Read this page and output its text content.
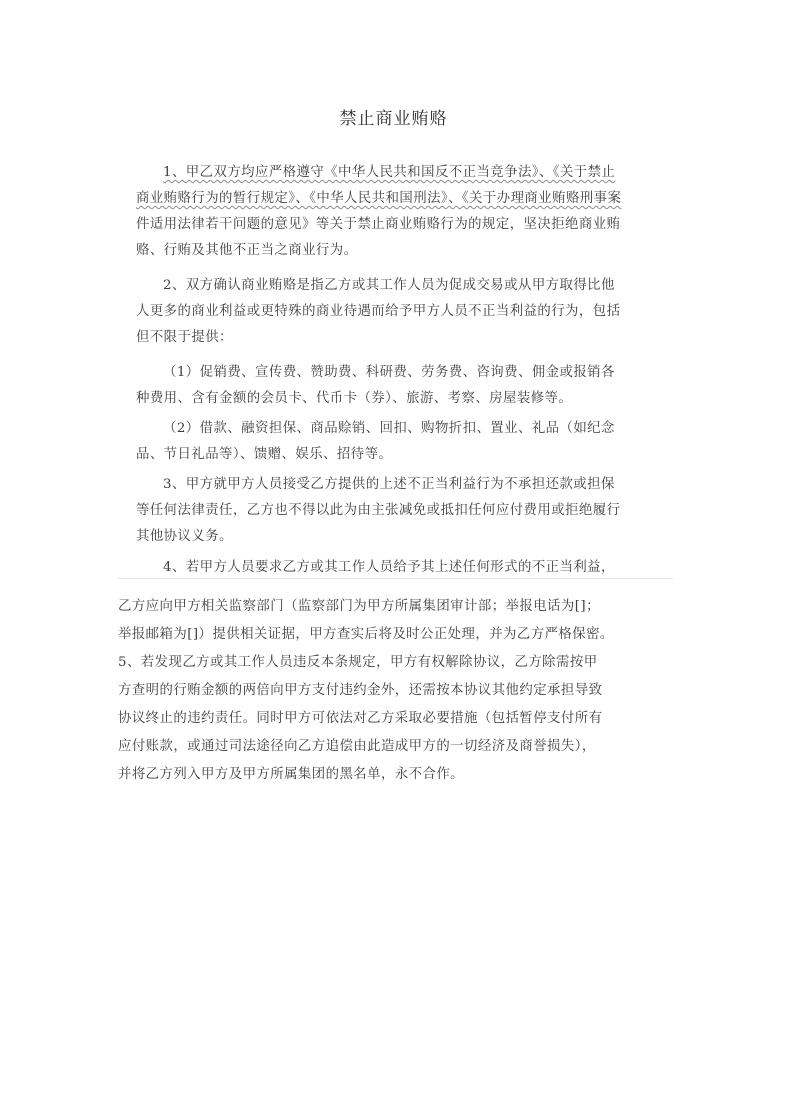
禁止商业贿赂

1、甲乙双方均应严格遵守《中华人民共和国反不正当竞争法》、《关于禁止
商业贿赂行为的暂行规定》、《中华人民共和国刑法》、《关于办理商业贿赂刑事案
件适用法律若干问题的意见》等关于禁止商业贿赂行为的规定，坚决拒绝商业贿
赂、行贿及其他不正当之商业行为。

2、双方确认商业贿赂是指乙方或其工作人员为促成交易或从甲方取得比他
人更多的商业利益或更特殊的商业待遇而给予甲方人员不正当利益的行为，包括
但不限于提供：

（1）促销费、宣传费、赞助费、科研费、劳务费、咨询费、佣金或报销各
种费用、含有金额的会员卡、代币卡（券）、旅游、考察、房屋装修等。

（2）借款、融资担保、商品赊销、回扣、购物折扣、置业、礼品（如纪念
品、节日礼品等）、馈赠、娱乐、招待等。

3、甲方就甲方人员接受乙方提供的上述不正当利益行为不承担还款或担保
等任何法律责任，乙方也不得以此为由主张减免或抵扣任何应付费用或拒绝履行
其他协议义务。

4、若甲方人员要求乙方或其工作人员给予其上述任何形式的不正当利益，

乙方应向甲方相关监察部门（监察部门为甲方所属集团审计部；举报电话为[]；
举报邮箱为[]）提供相关证据，甲方查实后将及时公正处理，并为乙方严格保密。

5、若发现乙方或其工作人员违反本条规定，甲方有权解除协议，乙方除需按甲
方查明的行贿金额的两倍向甲方支付违约金外，还需按本协议其他约定承担导致
协议终止的违约责任。同时甲方可依法对乙方采取必要措施（包括暂停支付所有
应付账款，或通过司法途径向乙方追偿由此造成甲方的一切经济及商誉损失），
并将乙方列入甲方及甲方所属集团的黑名单，永不合作。
